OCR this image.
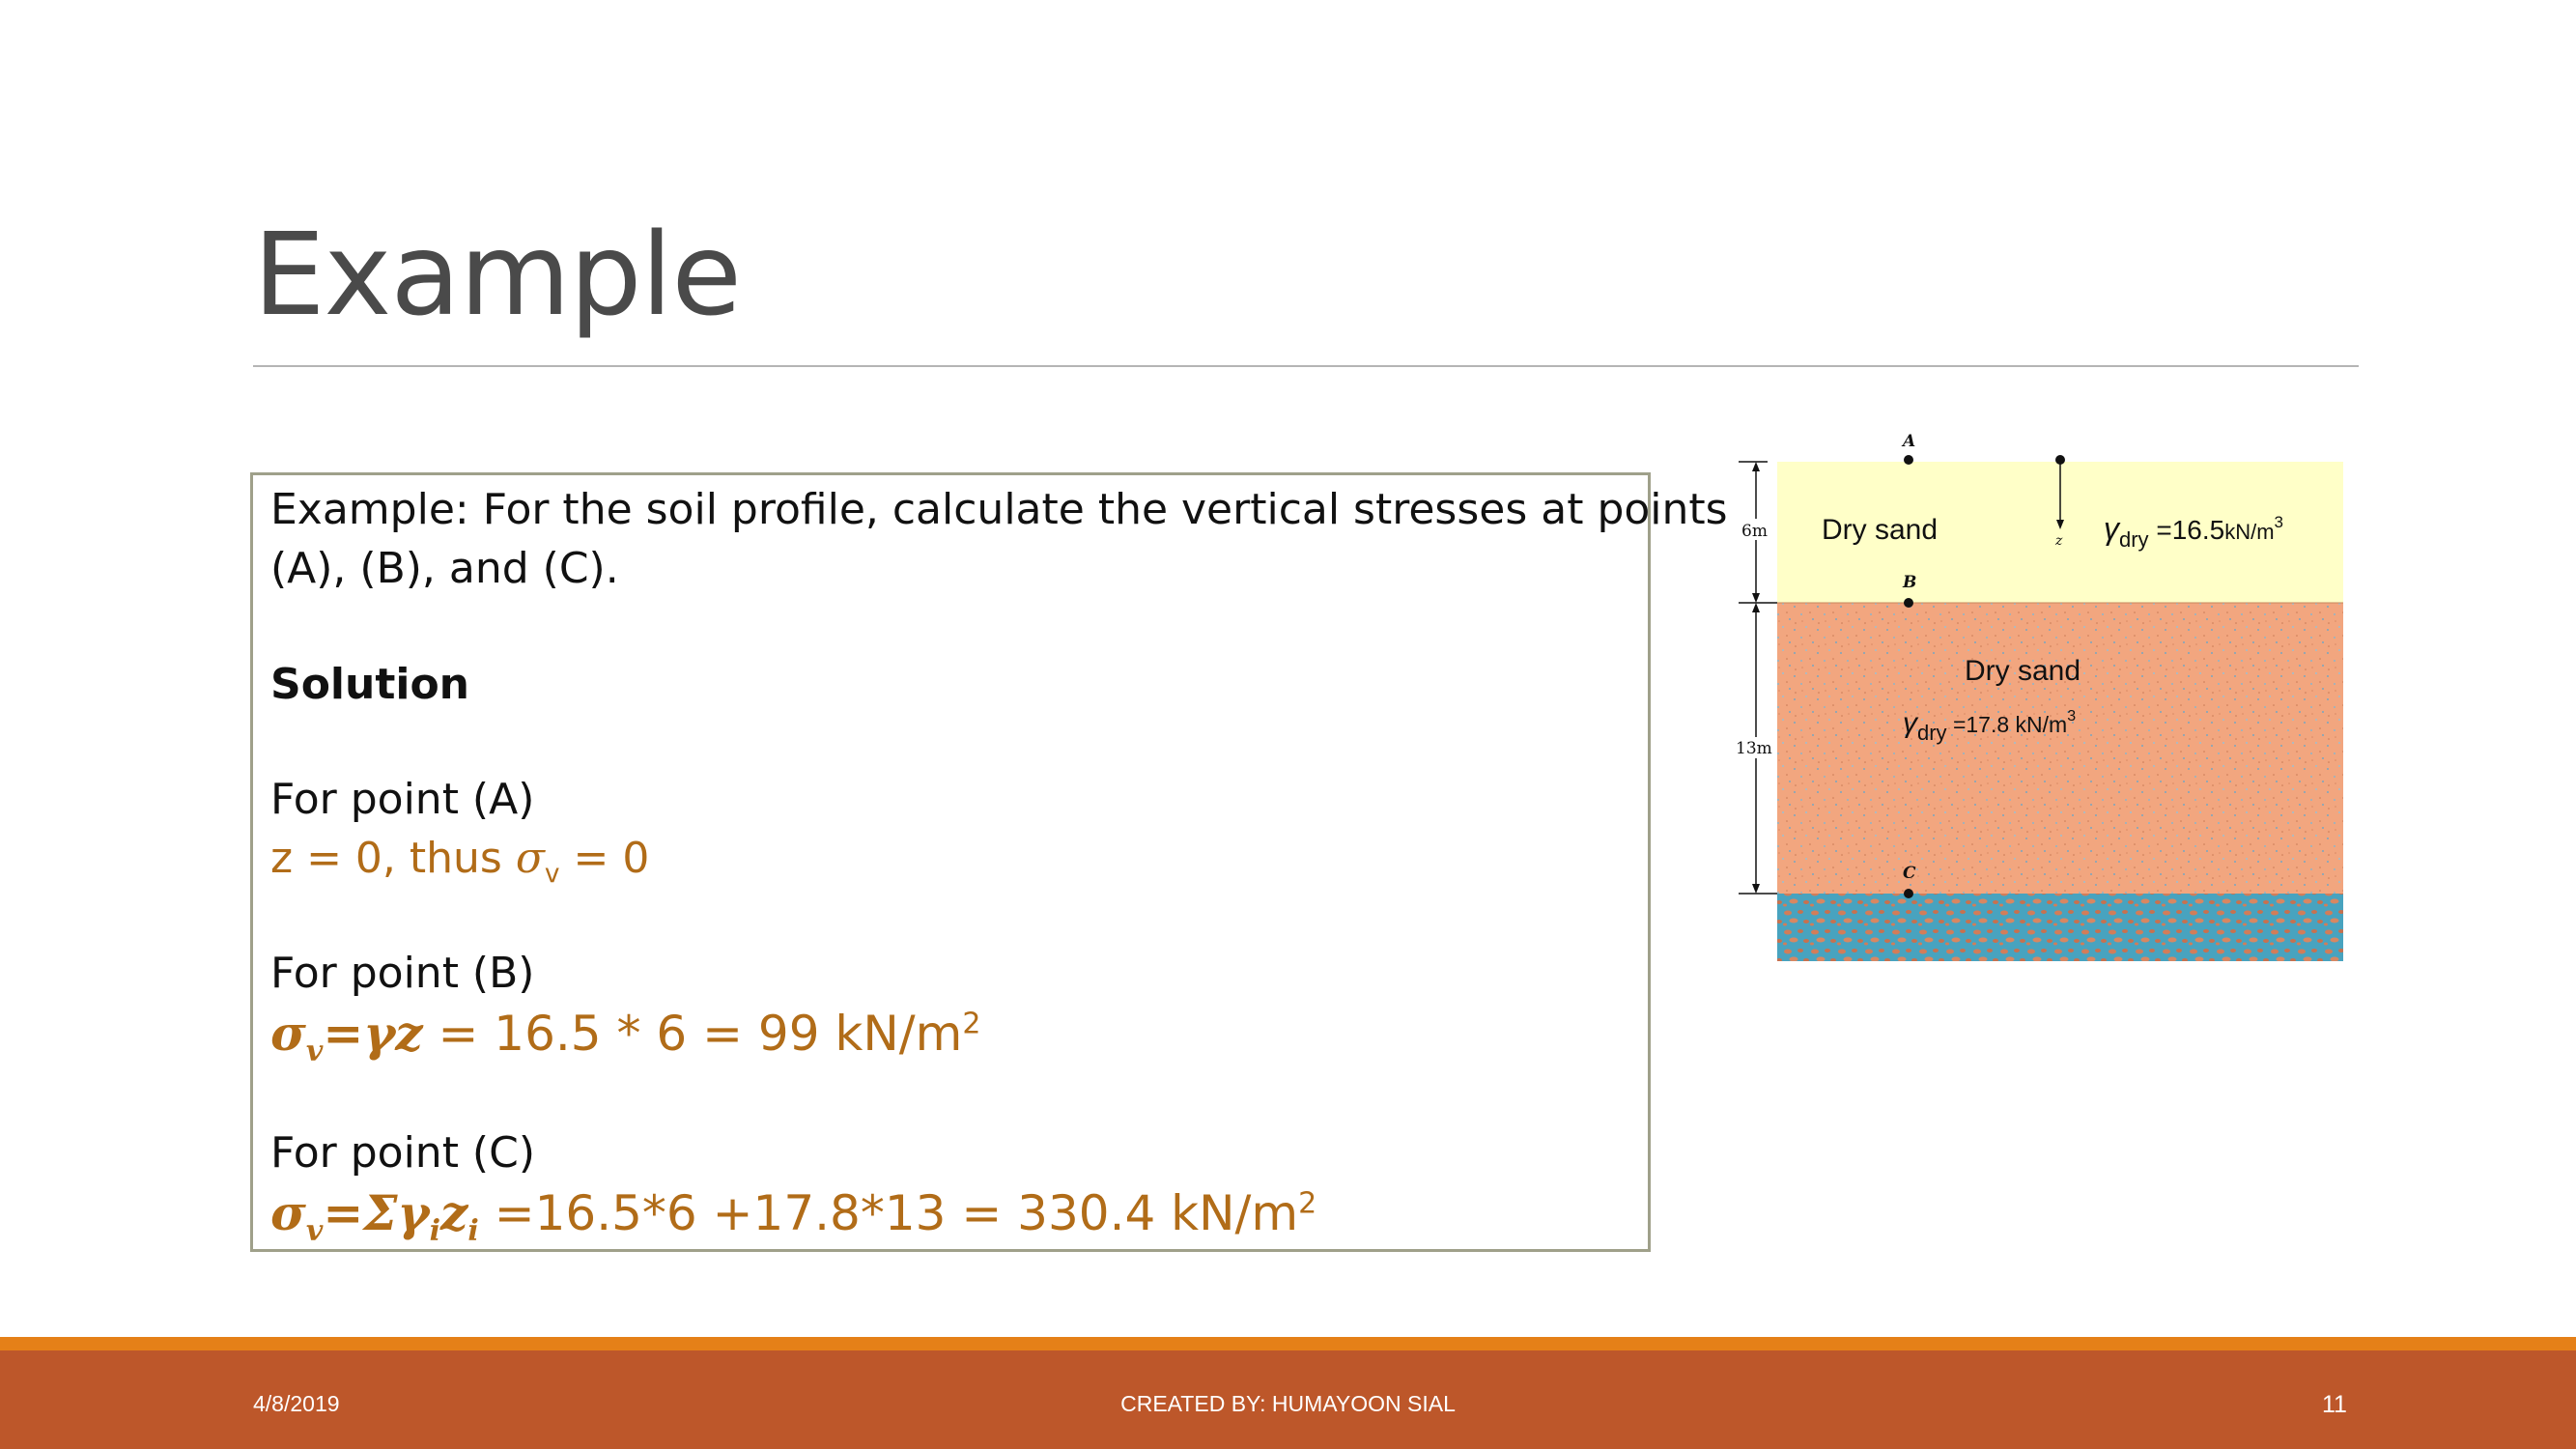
Example
Example: For the soil profile, calculate the vertical stresses at points
(A), (B), and (C).
Solution
For point (A)
z = 0, thus $\sigma_v = 0$
For point (B)
$\sigma_v=\gamma z = 16.5 * 6 = 99$ $kN/m^2$
For point (C)
$\sigma_v=\Sigma\gamma_iz_i =16.5*6 +17.8*13 = 330.4$ $kN/m^2$
6m
13m
A
B
C
z
Dry sand	$\gamma_{dry} =16.5kN/m^3$
Dry sand
$\gamma_{dry} =17.8$ $kN/m^3$
4/8/2019	CREATED BY: HUMAYOON SIAL	11
